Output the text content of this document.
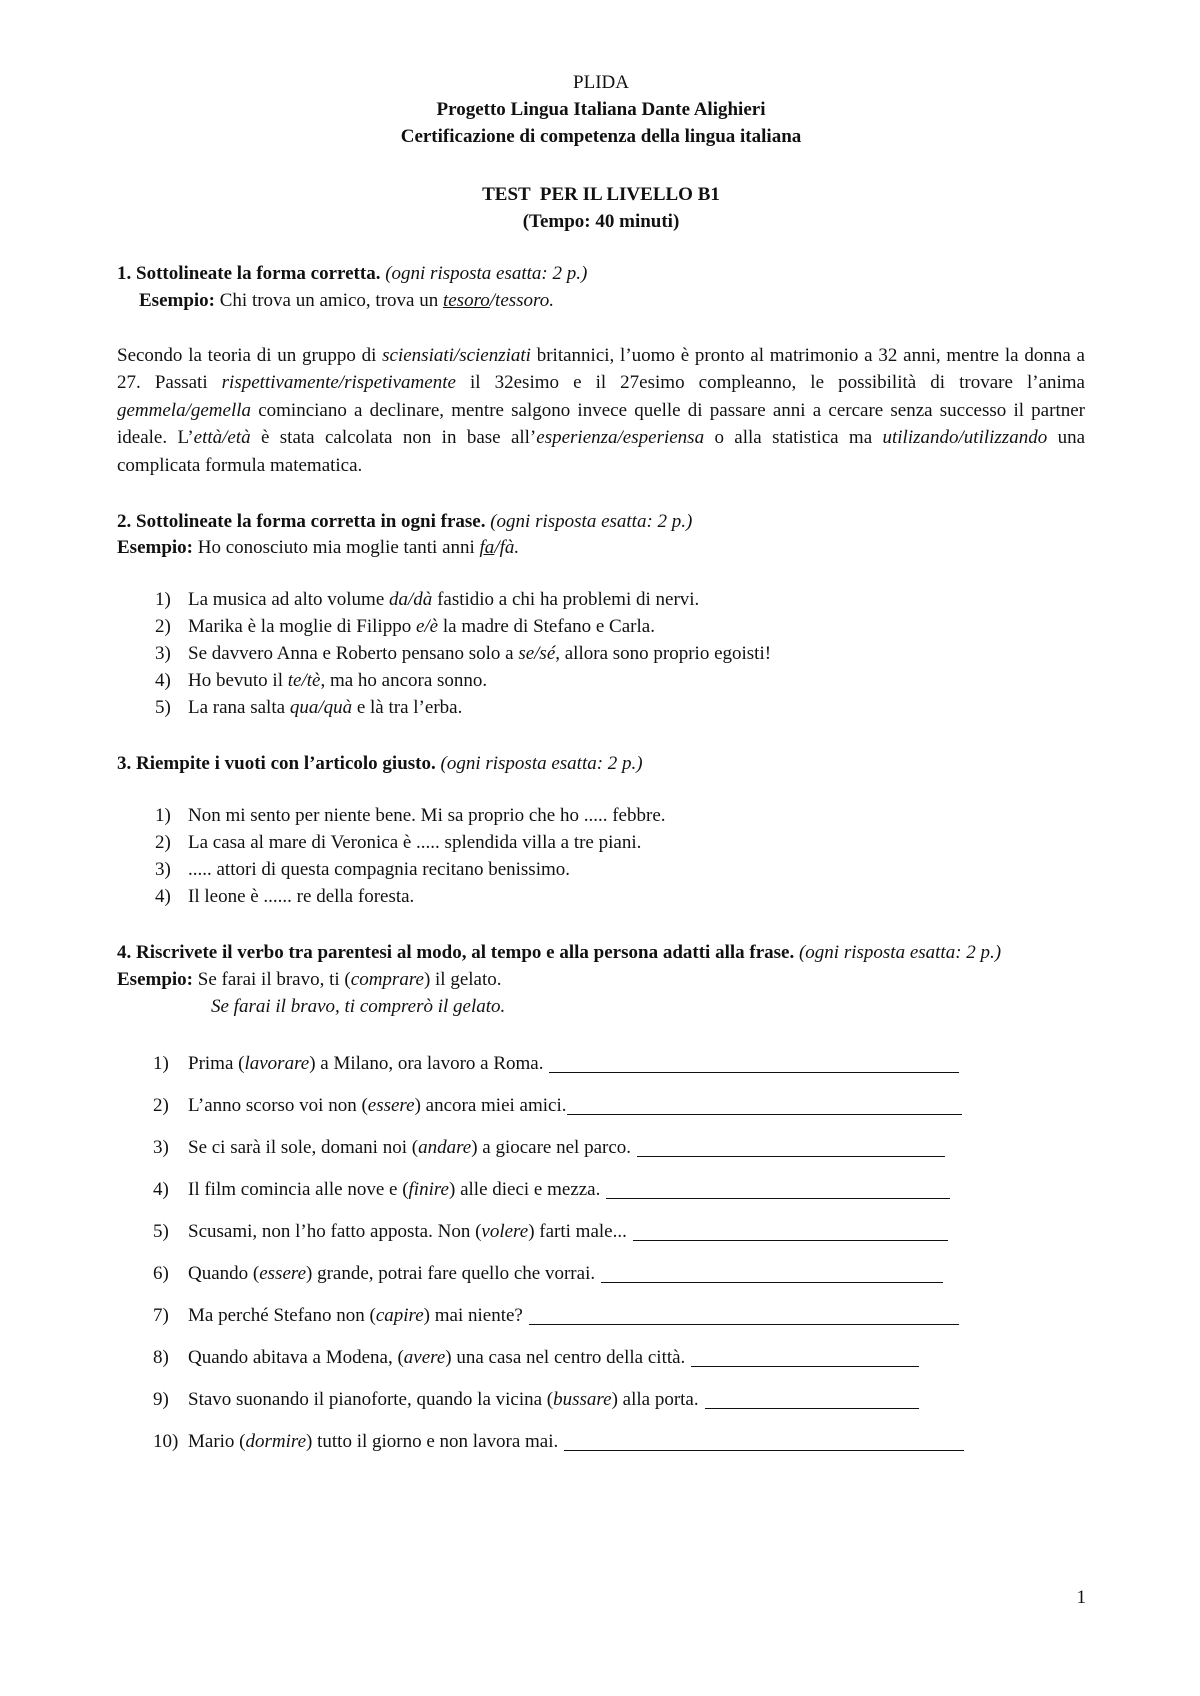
PLIDA
Progetto Lingua Italiana Dante Alighieri
Certificazione di competenza della lingua italiana
TEST  PER IL LIVELLO B1
(Tempo: 40 minuti)
1. Sottolineate la forma corretta. (ogni risposta esatta: 2 p.)
Esempio: Chi trova un amico, trova un tesoro/tessoro.
Secondo la teoria di un gruppo di sciensiati/scienziati britannici, l’uomo è pronto al matrimonio a 32 anni, mentre la donna a 27. Passati rispettivamente/rispetivamente il 32esimo e il 27esimo compleanno, le possibilità di trovare l’anima gemmela/gemella cominciano a declinare, mentre salgono invece quelle di passare anni a cercare senza successo il partner ideale. L’ettà/età è stata calcolata non in base all’esperienza/esperiensa o alla statistica ma utilizando/utilizzando una complicata formula matematica.
2. Sottolineate la forma corretta in ogni frase. (ogni risposta esatta: 2 p.)
Esempio: Ho conosciuto mia moglie tanti anni fa/fà.
1) La musica ad alto volume da/dà fastidio a chi ha problemi di nervi.
2) Marika è la moglie di Filippo e/è la madre di Stefano e Carla.
3) Se davvero Anna e Roberto pensano solo a se/sé, allora sono proprio egoisti!
4) Ho bevuto il te/tè, ma ho ancora sonno.
5) La rana salta qua/quà e là tra l’erba.
3. Riempite i vuoti con l’articolo giusto. (ogni risposta esatta: 2 p.)
1) Non mi sento per niente bene. Mi sa proprio che ho ..... febbre.
2) La casa al mare di Veronica è ..... splendida villa a tre piani.
3) ..... attori di questa compagnia recitano benissimo.
4) Il leone è ...... re della foresta.
4. Riscrivete il verbo tra parentesi al modo, al tempo e alla persona adatti alla frase. (ogni risposta esatta: 2 p.)
Esempio: Se farai il bravo, ti (comprare) il gelato.
Se farai il bravo, ti comprerò il gelato.
1) Prima (lavorare) a Milano, ora lavoro a Roma.
2) L’anno scorso voi non (essere) ancora miei amici.
3) Se ci sarà il sole, domani noi (andare) a giocare nel parco.
4) Il film comincia alle nove e (finire) alle dieci e mezza.
5) Scusami, non l’ho fatto apposta. Non (volere) farti male...
6) Quando (essere) grande, potrai fare quello che vorrai.
7) Ma perché Stefano non (capire) mai niente?
8) Quando abitava a Modena, (avere) una casa nel centro della città.
9) Stavo suonando il pianoforte, quando la vicina (bussare) alla porta.
10) Mario (dormire) tutto il giorno e non lavora mai.
1
